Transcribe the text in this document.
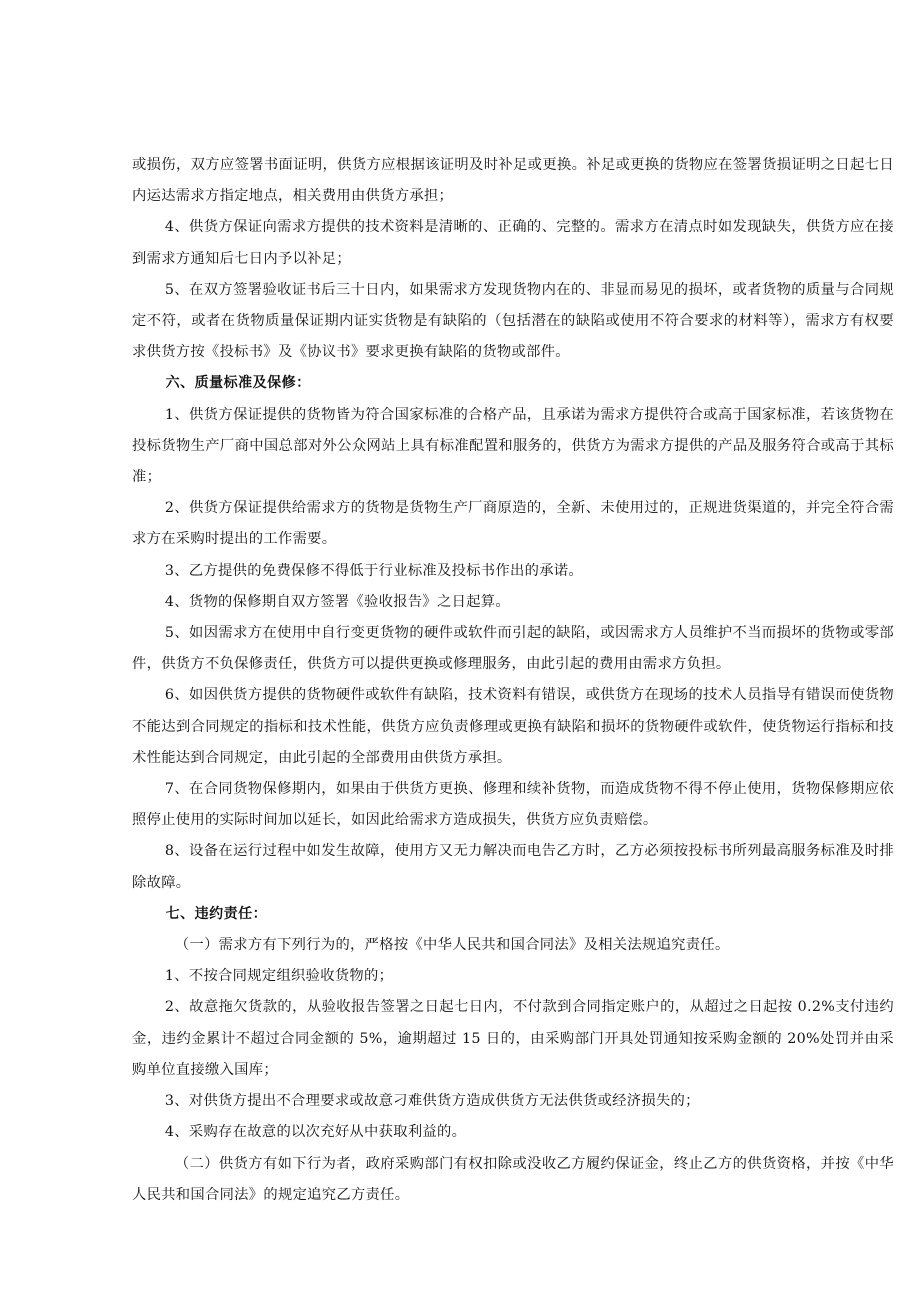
或损伤，双方应签署书面证明，供货方应根据该证明及时补足或更换。补足或更换的货物应在签署货损证明之日起七日内运达需求方指定地点，相关费用由供货方承担；

4、供货方保证向需求方提供的技术资料是清晰的、正确的、完整的。需求方在清点时如发现缺失，供货方应在接到需求方通知后七日内予以补足；

5、在双方签署验收证书后三十日内，如果需求方发现货物内在的、非显而易见的损坏，或者货物的质量与合同规定不符，或者在货物质量保证期内证实货物是有缺陷的（包括潜在的缺陷或使用不符合要求的材料等），需求方有权要求供货方按《投标书》及《协议书》要求更换有缺陷的货物或部件。

六、质量标准及保修：

1、供货方保证提供的货物皆为符合国家标准的合格产品，且承诺为需求方提供符合或高于国家标准，若该货物在投标货物生产厂商中国总部对外公众网站上具有标准配置和服务的，供货方为需求方提供的产品及服务符合或高于其标准；

2、供货方保证提供给需求方的货物是货物生产厂商原造的，全新、未使用过的，正规进货渠道的，并完全符合需求方在采购时提出的工作需要。

3、乙方提供的免费保修不得低于行业标准及投标书作出的承诺。

4、货物的保修期自双方签署《验收报告》之日起算。

5、如因需求方在使用中自行变更货物的硬件或软件而引起的缺陷，或因需求方人员维护不当而损坏的货物或零部件，供货方不负保修责任，供货方可以提供更换或修理服务，由此引起的费用由需求方负担。

6、如因供货方提供的货物硬件或软件有缺陷，技术资料有错误，或供货方在现场的技术人员指导有错误而使货物不能达到合同规定的指标和技术性能，供货方应负责修理或更换有缺陷和损坏的货物硬件或软件，使货物运行指标和技术性能达到合同规定，由此引起的全部费用由供货方承担。

7、在合同货物保修期内，如果由于供货方更换、修理和续补货物，而造成货物不得不停止使用，货物保修期应依照停止使用的实际时间加以延长，如因此给需求方造成损失，供货方应负责赔偿。

8、设备在运行过程中如发生故障，使用方又无力解决而电告乙方时，乙方必须按投标书所列最高服务标准及时排除故障。

七、违约责任：

（一）需求方有下列行为的，严格按《中华人民共和国合同法》及相关法规追究责任。

1、不按合同规定组织验收货物的；

2、故意拖欠货款的，从验收报告签署之日起七日内，不付款到合同指定账户的，从超过之日起按 0.2%支付违约金，违约金累计不超过合同金额的 5%，逾期超过 15 日的，由采购部门开具处罚通知按采购金额的 20%处罚并由采购单位直接缴入国库；

3、对供货方提出不合理要求或故意刁难供货方造成供货方无法供货或经济损失的；

4、采购存在故意的以次充好从中获取利益的。

（二）供货方有如下行为者，政府采购部门有权扣除或没收乙方履约保证金，终止乙方的供货资格，并按《中华人民共和国合同法》的规定追究乙方责任。
